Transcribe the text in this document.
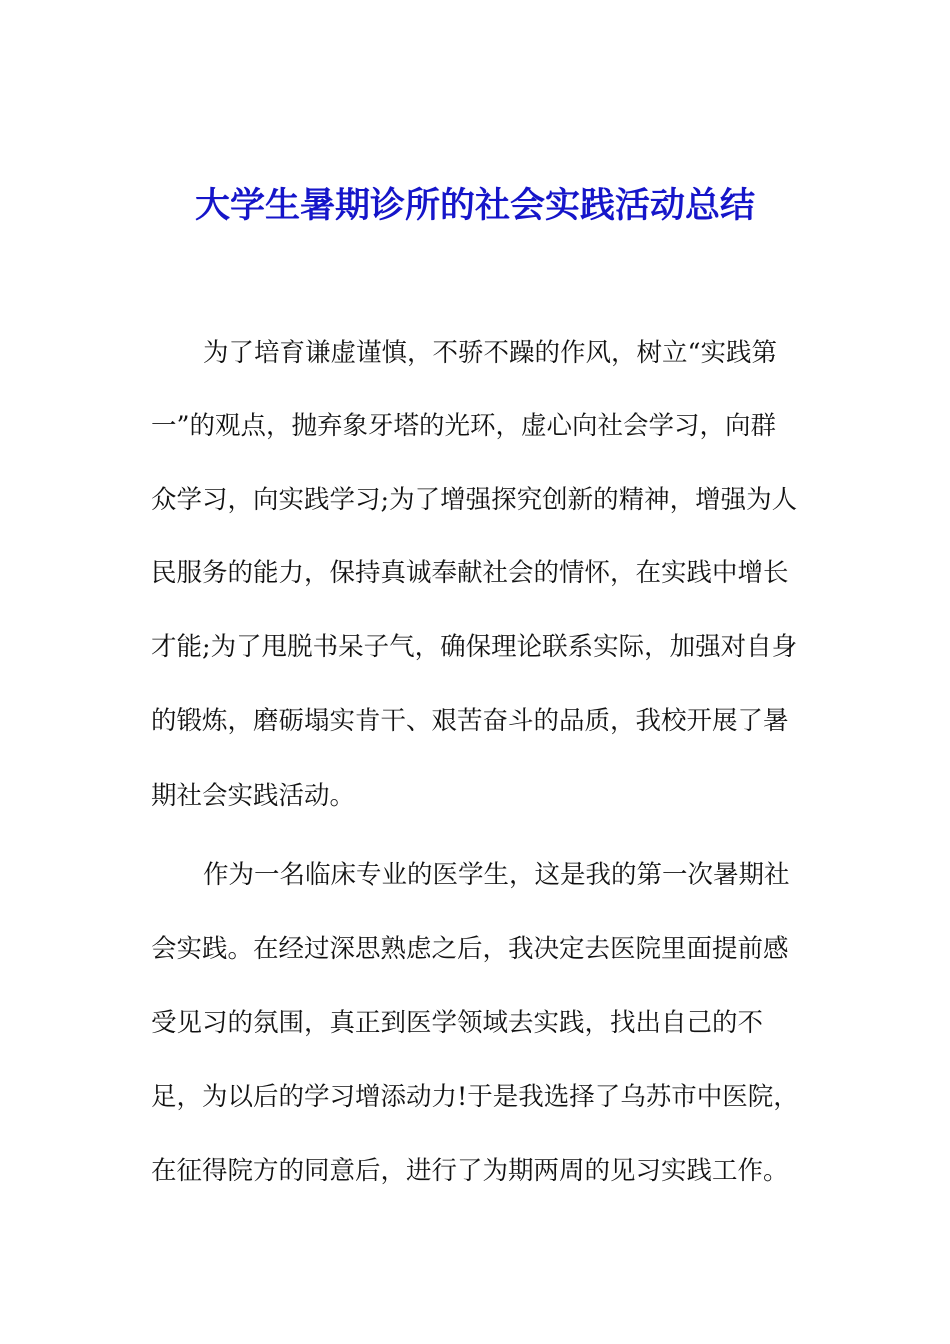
大学生暑期诊所的社会实践活动总结
为了培育谦虚谨慎，不骄不躁的作风，树立“实践第
一”的观点，抛弃象牙塔的光环，虚心向社会学习，向群
众学习，向实践学习;为了增强探究创新的精神，增强为人
民服务的能力，保持真诚奉献社会的情怀，在实践中增长
才能;为了甩脱书呆子气，确保理论联系实际，加强对自身
的锻炼，磨砺塌实肯干、艰苦奋斗的品质，我校开展了暑
期社会实践活动。
作为一名临床专业的医学生，这是我的第一次暑期社
会实践。在经过深思熟虑之后，我决定去医院里面提前感
受见习的氛围，真正到医学领域去实践，找出自己的不
足，为以后的学习增添动力!于是我选择了乌苏市中医院，
在征得院方的同意后，进行了为期两周的见习实践工作。
